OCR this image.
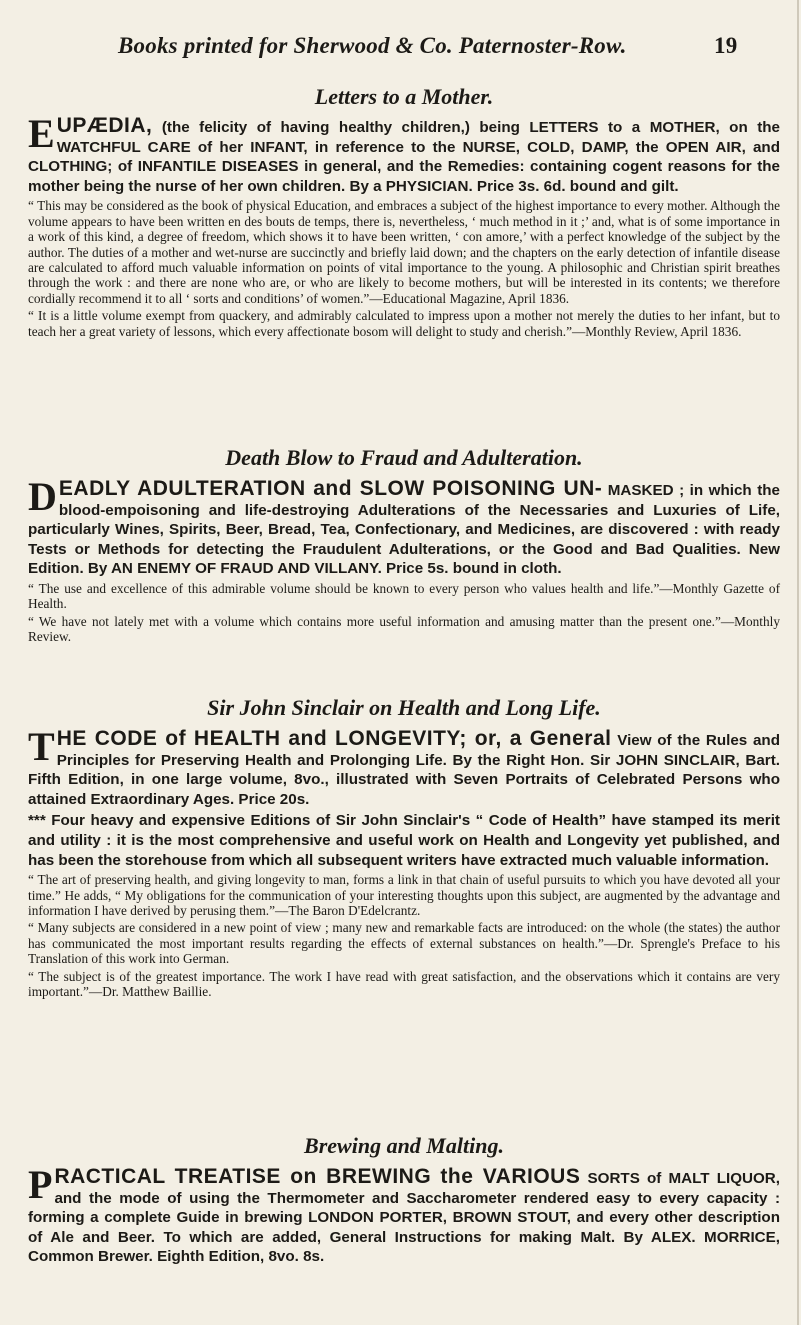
Books printed for Sherwood & Co. Paternoster-Row.	19

Letters to a Mother.

EUPÆDIA, (the felicity of having healthy children,) being LETTERS to a MOTHER, on the WATCHFUL CARE of her INFANT, in reference to the NURSE, COLD, DAMP, the OPEN AIR, and CLOTHING; of INFANTILE DISEASES in general, and the Remedies: containing cogent reasons for the mother being the nurse of her own children. By a PHYSICIAN. Price 3s. 6d. bound and gilt.

“ This may be considered as the book of physical Education, and embraces a subject of the highest importance to every mother. Although the volume appears to have been written en des bouts de temps, there is, nevertheless, ‘ much method in it ;’ and, what is of some importance in a work of this kind, a degree of freedom, which shows it to have been written, ‘ con amore,’ with a perfect knowledge of the subject by the author. The duties of a mother and wet-nurse are succinctly and briefly laid down; and the chapters on the early detection of infantile disease are calculated to afford much valuable information on points of vital importance to the young. A philosophic and Christian spirit breathes through the work : and there are none who are, or who are likely to become mothers, but will be interested in its contents; we therefore cordially recommend it to all ‘ sorts and conditions’ of women.”—Educational Magazine, April 1836.

“ It is a little volume exempt from quackery, and admirably calculated to impress upon a mother not merely the duties to her infant, but to teach her a great variety of lessons, which every affectionate bosom will delight to study and cherish.”—Monthly Review, April 1836.

Death Blow to Fraud and Adulteration.

DEADLY ADULTERATION and SLOW POISONING UN- MASKED ; in which the blood-empoisoning and life-destroying Adulterations of the Necessaries and Luxuries of Life, particularly Wines, Spirits, Beer, Bread, Tea, Confectionary, and Medicines, are discovered : with ready Tests or Methods for detecting the Fraudulent Adulterations, or the Good and Bad Qualities. New Edition. By AN ENEMY OF FRAUD AND VILLANY. Price 5s. bound in cloth.

“ The use and excellence of this admirable volume should be known to every person who values health and life.”—Monthly Gazette of Health.

“ We have not lately met with a volume which contains more useful information and amusing matter than the present one.”—Monthly Review.

Sir John Sinclair on Health and Long Life.

THE CODE of HEALTH and LONGEVITY; or, a General View of the Rules and Principles for Preserving Health and Prolonging Life. By the Right Hon. Sir JOHN SINCLAIR, Bart. Fifth Edition, in one large volume, 8vo., illustrated with Seven Portraits of Celebrated Persons who attained Extraordinary Ages. Price 20s.

*** Four heavy and expensive Editions of Sir John Sinclair's “ Code of Health” have stamped its merit and utility : it is the most comprehensive and useful work on Health and Longevity yet published, and has been the storehouse from which all subsequent writers have extracted much valuable information.

“ The art of preserving health, and giving longevity to man, forms a link in that chain of useful pursuits to which you have devoted all your time.” He adds, “ My obligations for the communication of your interesting thoughts upon this subject, are augmented by the advantage and information I have derived by perusing them.”—The Baron D'Edelcrantz.

“ Many subjects are considered in a new point of view ; many new and remarkable facts are introduced: on the whole (the states) the author has communicated the most important results regarding the effects of external substances on health.”—Dr. Sprengle's Preface to his Translation of this work into German.

“ The subject is of the greatest importance. The work I have read with great satisfaction, and the observations which it contains are very important.”—Dr. Matthew Baillie.

Brewing and Malting.

PRACTICAL TREATISE on BREWING the VARIOUS SORTS of MALT LIQUOR, and the mode of using the Thermometer and Saccharometer rendered easy to every capacity : forming a complete Guide in brewing LONDON PORTER, BROWN STOUT, and every other description of Ale and Beer. To which are added, General Instructions for making Malt. By ALEX. MORRICE, Common Brewer. Eighth Edition, 8vo. 8s.
